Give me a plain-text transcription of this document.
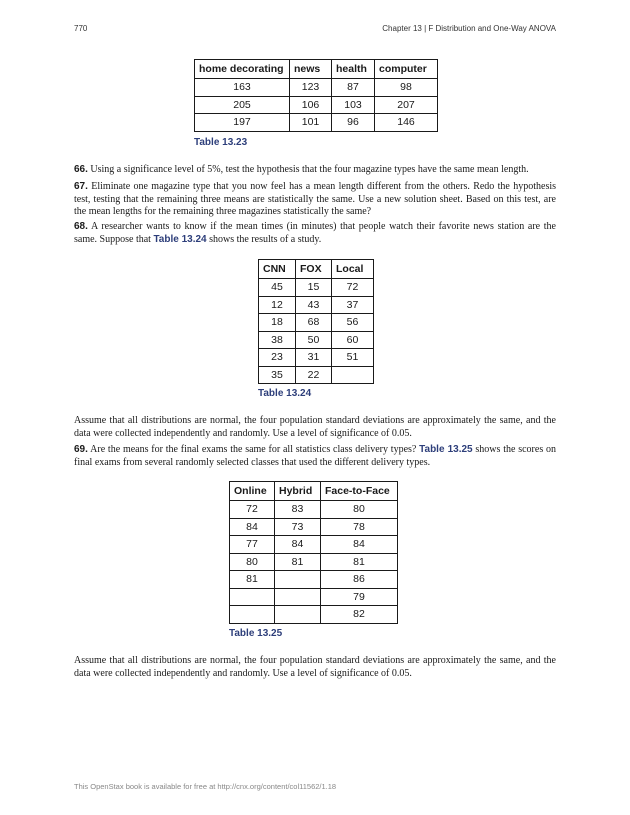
770	Chapter 13 | F Distribution and One-Way ANOVA
home decorating	news	health	computer
163	123	87	98
205	106	103	207
197	101	96	146
Table 13.23
66. Using a significance level of 5%, test the hypothesis that the four magazine types have the same mean length.
67. Eliminate one magazine type that you now feel has a mean length different from the others. Redo the hypothesis test, testing that the remaining three means are statistically the same. Use a new solution sheet. Based on this test, are the mean lengths for the remaining three magazines statistically the same?
68. A researcher wants to know if the mean times (in minutes) that people watch their favorite news station are the same. Suppose that Table 13.24 shows the results of a study.
CNN	FOX	Local
45	15	72
12	43	37
18	68	56
38	50	60
23	31	51
35	22	
Table 13.24
Assume that all distributions are normal, the four population standard deviations are approximately the same, and the data were collected independently and randomly. Use a level of significance of 0.05.
69. Are the means for the final exams the same for all statistics class delivery types? Table 13.25 shows the scores on final exams from several randomly selected classes that used the different delivery types.
Online	Hybrid	Face-to-Face
72	83	80
84	73	78
77	84	84
80	81	81
81		86
		79
		82
Table 13.25
Assume that all distributions are normal, the four population standard deviations are approximately the same, and the data were collected independently and randomly. Use a level of significance of 0.05.
This OpenStax book is available for free at http://cnx.org/content/col11562/1.18
